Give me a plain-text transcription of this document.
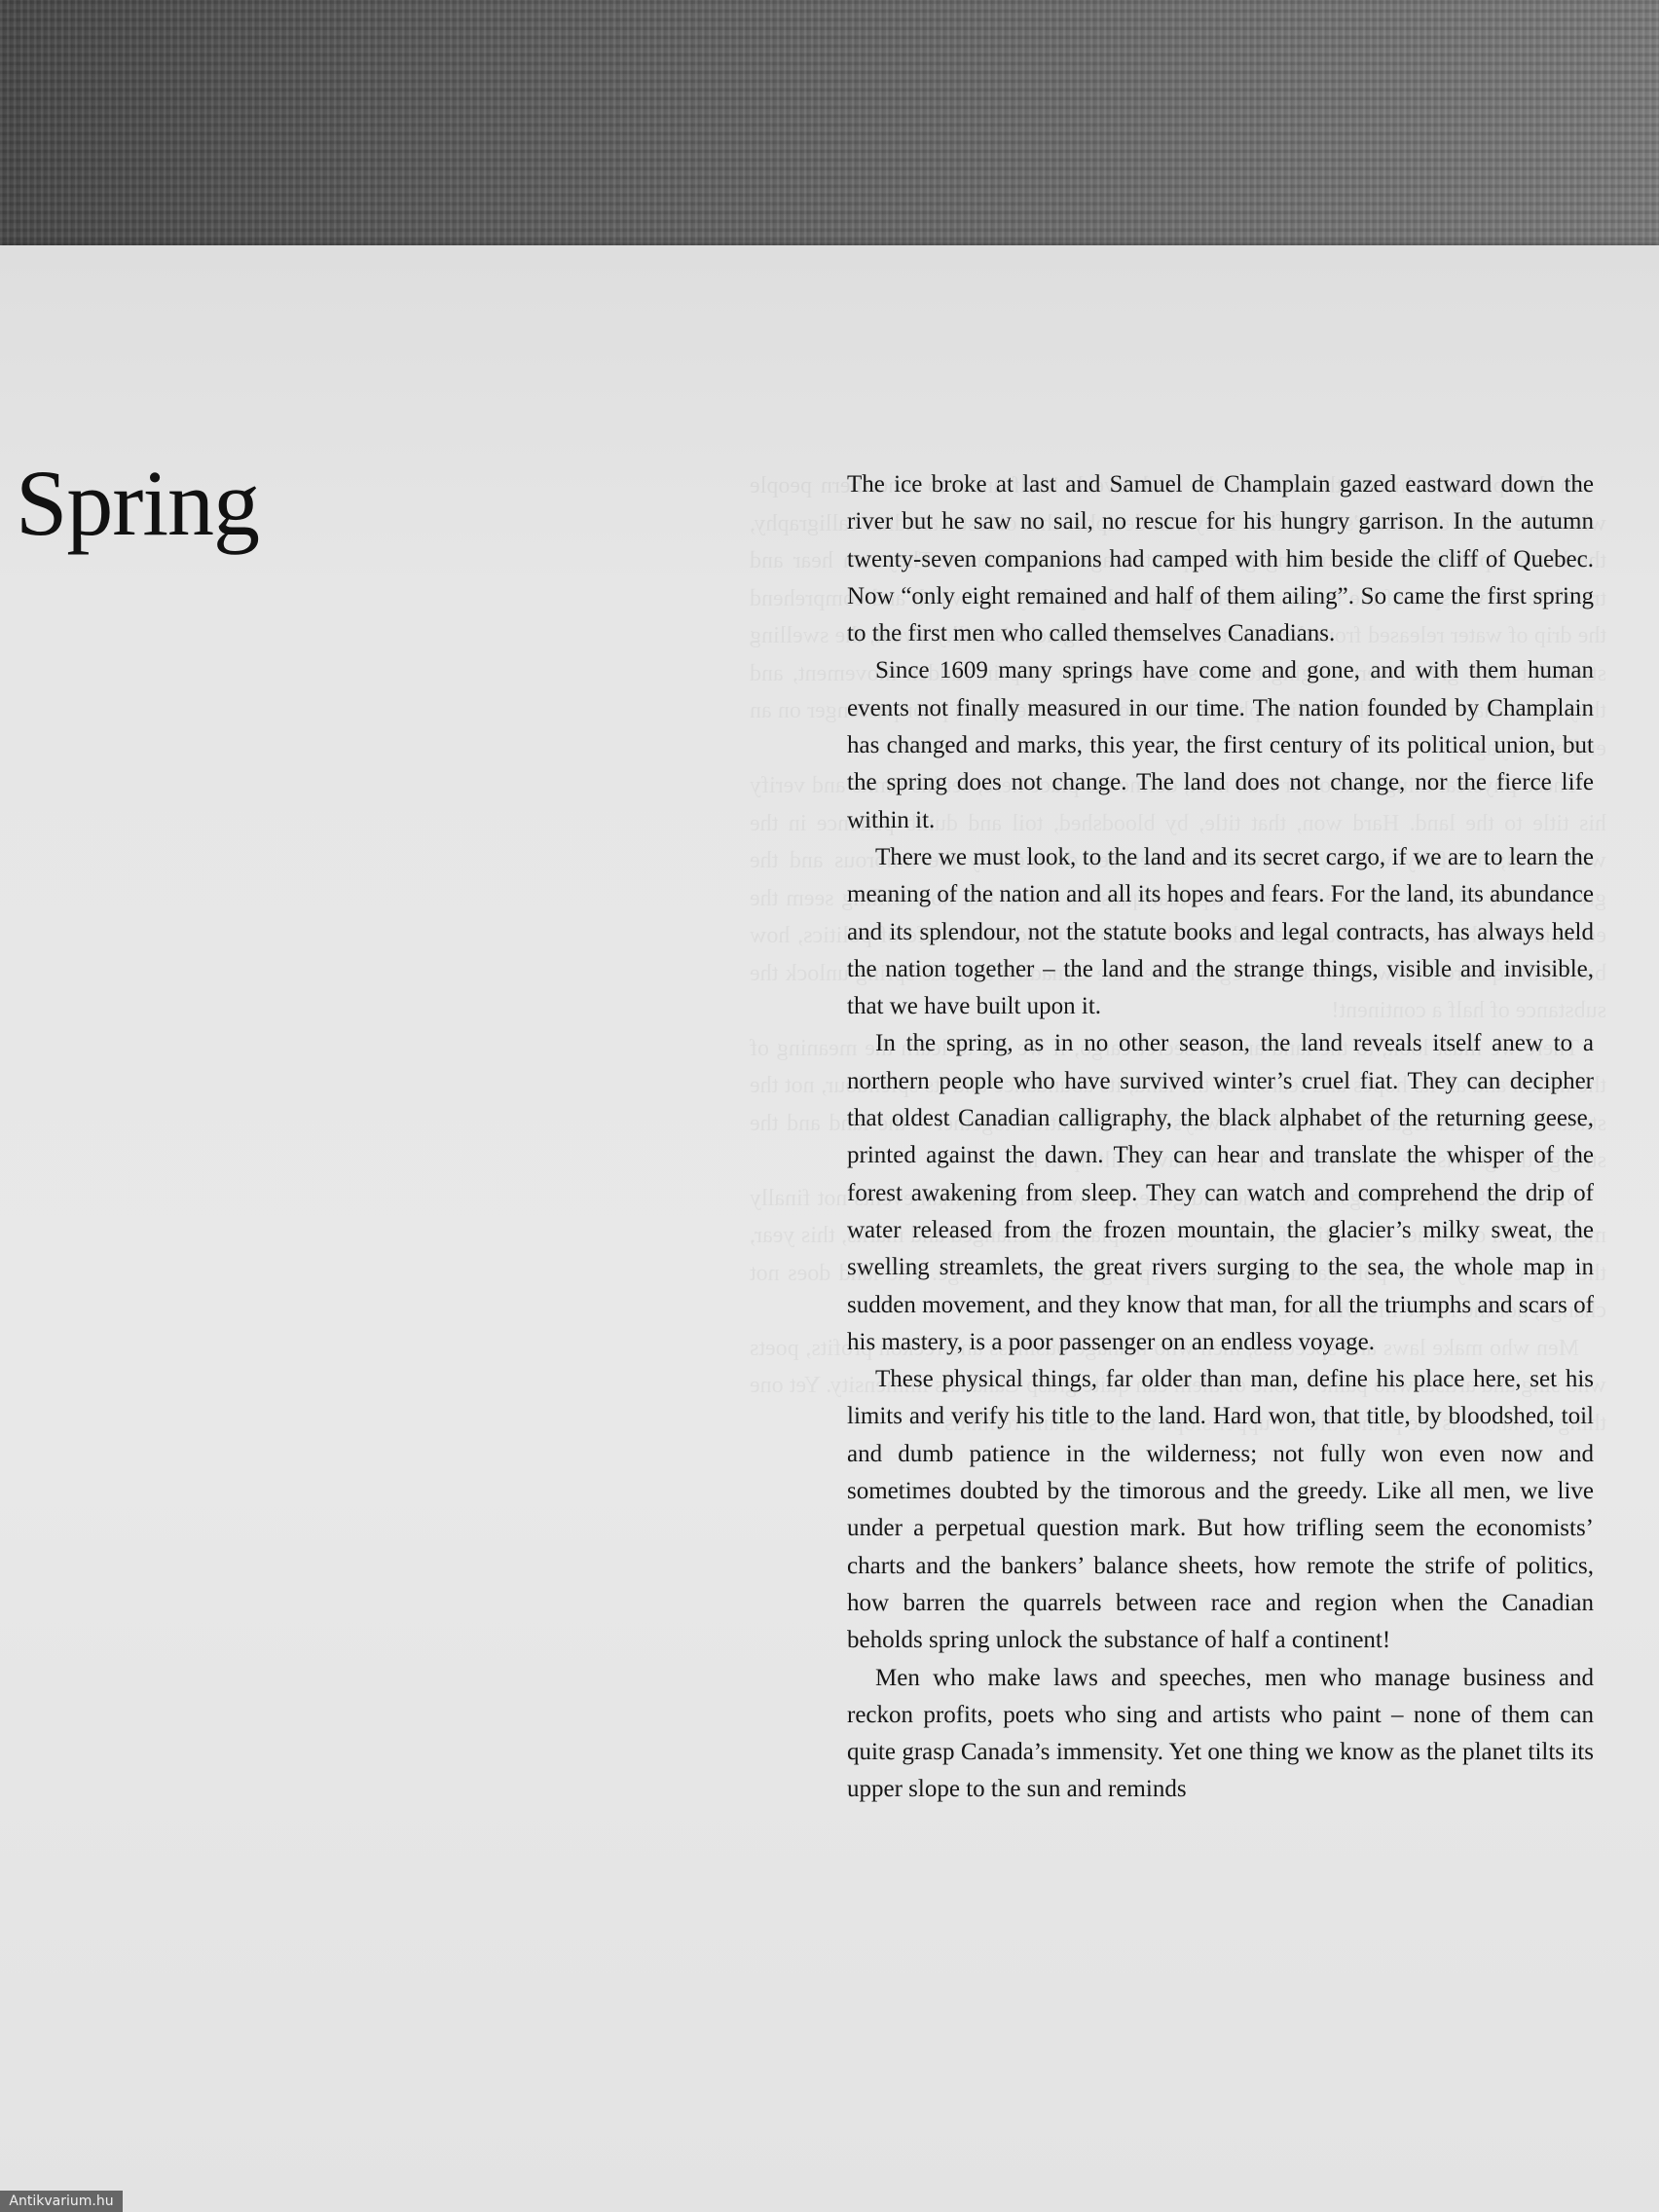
Spring	The ice broke at last and Samuel de Champlain gazed eastward down the river but he saw no sail, no rescue for his hungry garrison. In the autumn twenty-seven companions had camped with him beside the cliff of Quebec. Now “only eight remained and half of them ailing”. So came the first spring to the first men who called themselves Canadians.

Since 1609 many springs have come and gone, and with them human events not finally measured in our time. The nation founded by Champlain has changed and marks, this year, the first century of its political union, but the spring does not change. The land does not change, nor the fierce life within it.

There we must look, to the land and its secret cargo, if we are to learn the meaning of the nation and all its hopes and fears. For the land, its abundance and its splendour, not the statute books and legal contracts, has always held the nation together – the land and the strange things, visible and invisible, that we have built upon it.

In the spring, as in no other season, the land reveals itself anew to a northern people who have survived winter’s cruel fiat. They can decipher that oldest Canadian calligraphy, the black alphabet of the returning geese, printed against the dawn. They can hear and translate the whisper of the forest awakening from sleep. They can watch and comprehend the drip of water released from the frozen mountain, the glacier’s milky sweat, the swelling streamlets, the great rivers surging to the sea, the whole map in sudden movement, and they know that man, for all the triumphs and scars of his mastery, is a poor passenger on an endless voyage.

These physical things, far older than man, define his place here, set his limits and verify his title to the land. Hard won, that title, by bloodshed, toil and dumb patience in the wilderness; not fully won even now and sometimes doubted by the timorous and the greedy. Like all men, we live under a perpetual question mark. But how trifling seem the economists’ charts and the bankers’ balance sheets, how remote the strife of politics, how barren the quarrels between race and region when the Canadian beholds spring unlock the substance of half a continent!

Men who make laws and speeches, men who manage business and reckon profits, poets who sing and artists who paint – none of them can quite grasp Canada’s immensity. Yet one thing we know as the planet tilts its upper slope to the sun and reminds

Antikvarium.hu
